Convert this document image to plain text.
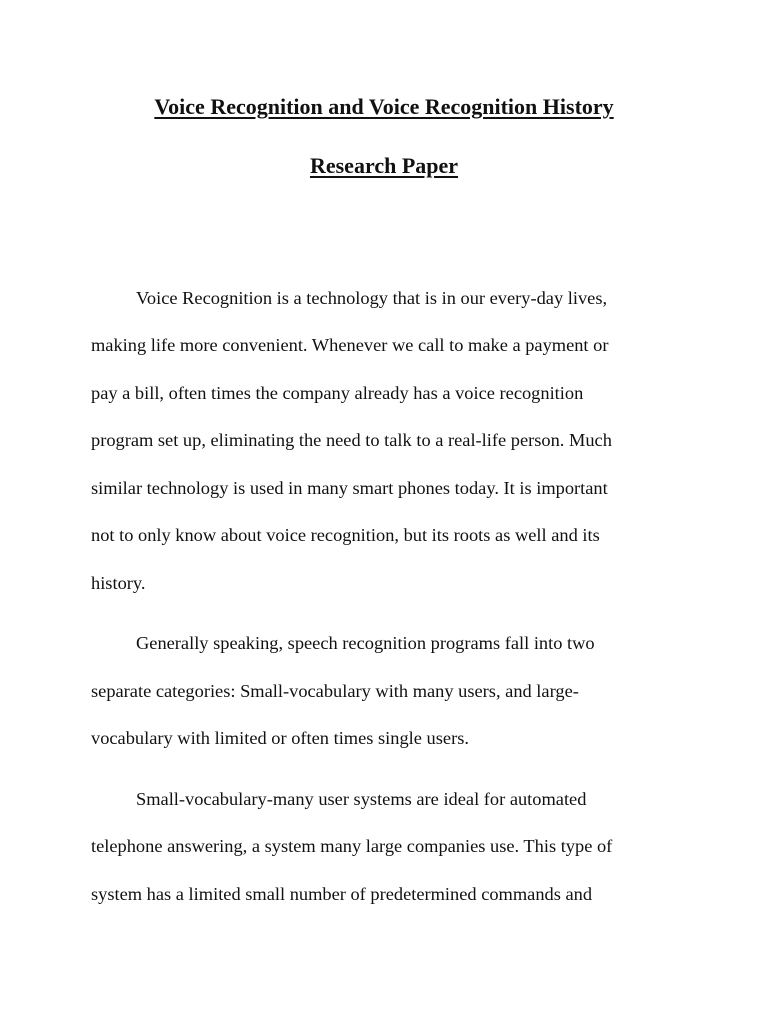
Voice Recognition and Voice Recognition History
Research Paper
Voice Recognition is a technology that is in our every-day lives,
making life more convenient. Whenever we call to make a payment or
pay a bill, often times the company already has a voice recognition
program set up, eliminating the need to talk to a real-life person. Much
similar technology is used in many smart phones today. It is important
not to only know about voice recognition, but its roots as well and its
history.
Generally speaking, speech recognition programs fall into two
separate categories: Small-vocabulary with many users, and large-
vocabulary with limited or often times single users.
Small-vocabulary-many user systems are ideal for automated
telephone answering, a system many large companies use. This type of
system has a limited small number of predetermined commands and
